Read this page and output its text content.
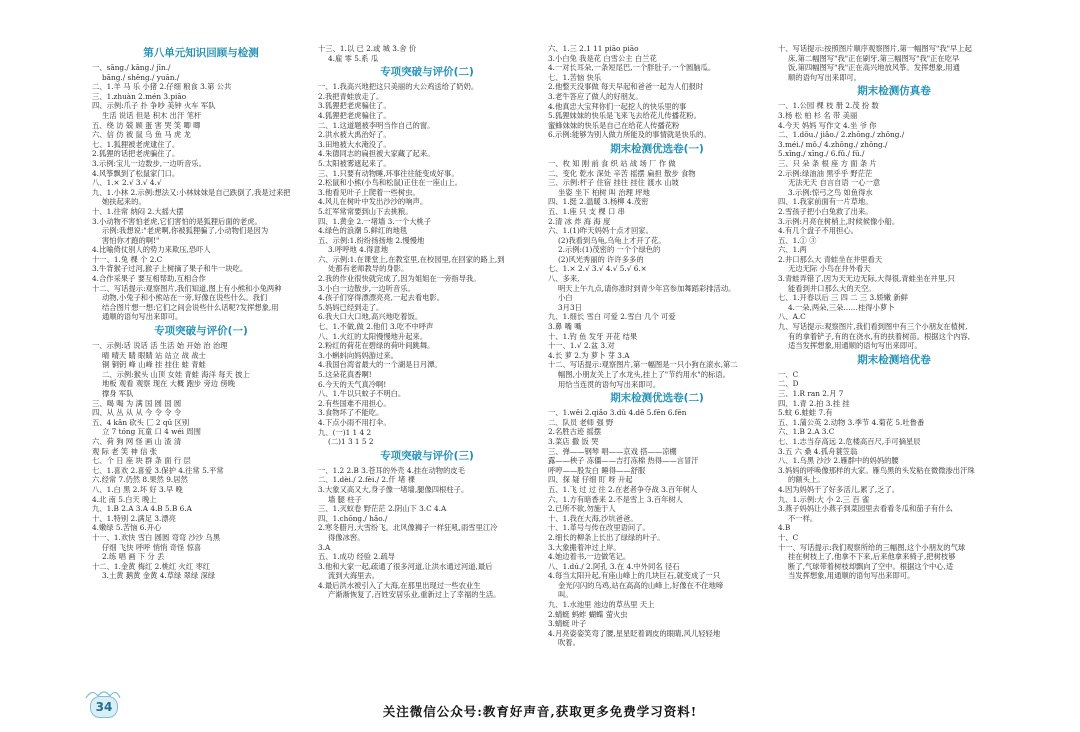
第八单元知识回顾与检测
一、sāng./ kāng./ jīn./
bāng./ shēng./ yuān./
二、1.羊 马 乐 小猪 2.仔细 粮食 3.第 公共
三、1.zhuàn 2.mén 3.piāo
四、示例:爪子 扑 争吵 美钟 火车 军队
生活 说话 但是 积木 出汗 笔杆
五、绕 访 兢 顾 蛋 害 哭 笑 唧 唧
六、信 仿 被 鼠 乌 鱼 马 虎 龙
七、1.狐狸被老虎逮住了。
2.狐狸的话把老虎骗住了。
3.示例:宝儿一边数步,一边听音乐。
4.风筝飘到了松鼠家门口。
八、1.× 2.√ 3.√ 4.√
九、1.小林 2.示例:想法又:小林妹妹是自己跌倒了,我是过来把
她扶起来的。
十、1.往常 纳闷 2.大摇大摆
3.小动物不害怕老虎,它们害怕的是狐狸后面的老虎。
示例:我想说:"老虎啊,你被狐狸骗了,小动物们是因为
害怕你才跑的啊!"
4.比喻倚仗别人的势力来欺压,恐吓人
十一、1.兔 棵 个 2.C
3.牛背猴子过河,猴子上树摘了果子和牛一块吃。
4.合作采果子 要互相帮助,互相合作
十二、写话提示:观察图片,我们知道,图上有小熊和小兔两种
动物,小兔子和小熊站在一旁,好像在说些什么。我们
结合图片想一想:它们之间会说些什么话呢?发挥想象,用
通顺的语句写出来即可。
专项突破与评价(一)
一、示例:话 说话 活 生活 始 开始 治 治理
晴 晴天 睛 眼睛 站 站立 战 战士
铜 铜钥 峰 山峰 挂 挂住 蛙 青蛙
二、示例:猴头 山顶 女娃 青蛙 海洋 每天 披上
地板 观看 观察 现在 大概 跑步 旁边 傍晚
撑身 军队
三、喝 喝 为 满 国 圆 国 圆
四、从 丛 从 从 今 令 令 令
五、4 kǎn 砍头 匚 2 qū 区别
立 7 tóng 瓦童 口 4 wéi 周围
六、荷 狗 网 怪 画 山 渣 清
观 际 老 笑 神 信 张
七、个 日 座 块 群 条 面 行 层
七、1.喜欢 2.喜爱 3.保护 4.往常 5.平常
六.经常 7.仍然 8.果然 9.居然
八、1.白 黑 2.坏 好 3.早 晚
4.北 南 5.白天 晚上
九、1.B 2.A 3.A 4.B 5.B 6.A
十、1.特别 2.满足 3.漂亮
4.嫩绿 5.苦恼 6.开心
十一、1.欢快 雪白 圆圆 弯弯 沙沙 乌黑
仔细 飞快 呼呼 悄悄 奇怪 惊喜
2.练 唱 画 下 分 丢
十二、1.金黄 梅红 2.桃红 火红 枣红
3.土黄 鹅黄 金黄 4.草绿 翠绿 深绿
十三、1.以 已 2.或 城 3.舍 价
4.雇 零 5.系 瓜
专项突破与评价(二)
一、1.我高兴地把这只美丽的大公鸡送给了奶奶。
2.我把青蛙放走了。
3.狐狸把老虎骗住了。
4.狐狸把老虎骗住了。
二、1.这道题被李明当作自己的窗。
2.洪水被大禹治好了。
3.田地被大水淹没了。
4.朱德同志的扁担被大家藏了起来。
5.太阳被雾遮起来了。
三、1.只要有动物睡,环事往往能变成好事。
2.松鼠和小熊(小鸟和松鼠)正住在一座山上。
3.他看见叶子上爬着一些树虫。
4.风儿在树叶中发出沙沙的响声。
5.红军常常要到山下去挑粮。
四、1.黄金 2.一堵墙 3.一个大桃子
4.绿色的浪潮 5.鲜红的地毯
五、示例:1.纷纷扬扬地 2.慢慢地
3.呼呼地 4.得意地
六、示例:1.在课堂上,在教室里,在校园里,在回家的路上,到
处都有老师教导的身影。
2.我的作业很快就完成了,因为姐姐在一旁指导我。
3.小白一边散步,一边听音乐。
4.孩子们穿得漂漂亮亮,一起去看电影。
5.妈妈已经到走了。
6.我大口大口地,高兴地吃着饭。
七、1.不做,做 2.他们 3.吃不中呼声
八、1.火红的太阳慢慢地升起来。
2.粉红的荷花在碧绿的荷叶间跳舞。
3.小蝌蚪向妈妈游过来。
4.我国台湾省最大的一个湖是日月潭。
5.这朵花真香啊!
6.今天的天气真冷啊!
八、1.牛以只蚊子不明白。
2.有些国难不用担心。
3.食物坏了不能吃。
4.下点小雨不用打伞。
九、(一)1 1 4 2
(二)1 3 1 5 2
专项突破与评价(三)
一、1.2 2.B 3.苍耳的外壳 4.挂在动物的皮毛
二、1.dèi./ 2.fèi./ 2.仟 堵 裸
3.大象又高又大,身子像一堵墙,腿像四根柱子。
墙 腿 柱子
三、1.灭蚁卷 野茫茫 2.阴山下 3.C 4.A
四、1.chōng./ hǎo./
2.寒冬腊月,大雪纷飞。北风像狮子一样狂吼,雨雪里江冷
得像冰窖。
3.A
五、1.成功 经验 2.疏导
3.他和大家一起,疏通了很多河道,让洪水通过河道,最后
流到大海里去。
4.最后洪水被引入了大海,在那里出现过一些农业生
产渐渐恢复了,百姓安居乐业,重新过上了幸福的生活。
六、1.三 2.1 11 piāo piāo
3.小白兔 我是花 白雪公主 白兰花
4.一对长耳朵,一条短尾巴,一个胖肚子,一个圆脑瓜。
七、1.苦恼 快乐
2.他整天没事做 每天早起和爸爸一起为人们报时
3.老牛答应了做人的好朋友。
4.他真忠大宝拜你们一起挖人的快乐里的事
5.狐狸妹妹的快乐是飞来飞去给花儿传播花粉。
蜜蜂妹妹的快乐是自己在给花人传播花粉
6.示例:能够为别人做力所能及的事情就是快乐的。
期末检测优选卷(一)
一、枚 知 刚 前 食 织 站 战 场 厂 作 做
二、变化 乾水 深处 辛苦 摇摆 扁担 散步 食物
三、示例:杆子 住宿 挂往 挂住 渡水 山坡
坐姿 坐下 柏树 叫 治理 坪地
四、1.挺 2.温暖 3.杨柳 4.茂密
五、1.座 只 支 棵 口 串
2.清 冰 炸 海 海 度
六、1.(1)昨天妈妈十点才回家。
(2)我看到乌龟,乌龟上才开了花。
2.示例:(1)茂密的 一个个绿色的
(2)风光秀丽的 许许多多的
七、1.× 2.√ 3.√ 4.√ 5.√ 6.×
八、多来,
明天上午九点,请你准时到青少年宫参加舞蹈彩排活动。
小白
3月3日
九、1.细长 雪白 可爱 2.雪白 几个 可爱
3.鼻 嘴 嘴
十、1.钓 鱼 发牙 开花 结果
十一、1.√ 2.盆 3.对
4.长 萝 2.为 萝卜 芽 3.A
十二、写话提示:观察图片,第一幅图是一只小狗在滚水,第二
幅图,小朋友关上了水龙头,挂上了"节约用水"的标语。
用恰当连贯的语句写出来即可。
期末检测优选卷(二)
一、1.wěi 2.qiǎo 3.dǔ 4.dē 5.fēn 6.fēn
二、队员 老师 强 野
2.名胜古迹 摇摆
3.菜店 撒 饭 哭
三、弹——钢琴 唱——京戏 搭——凉棚
露——秧子 冻僵——吉打冻棉 热得——言冒汗
呼哼——股发白 睡得——舒服
四、探 疑 仔细 盯 呀 升起
五、1.飞 过 过 往 2.在老者争夺战 3.百年树人
六、1.方有暗香来 2.不是雪上 3.百年树人
2.已所不欲,勿施于人
十、1.我在大海,沙坑爸爸。
十、1.革号与传在改里语问了。
2.细长的柳条上长出了绿绿的叶子。
3.大象搬着冲过上岸。
4.她边着书,一边做笔记。
八、1.dú./ 2.阿孔 3.在 4.中外同名 径石
4.每当太阳升起,有座山峰上的几块巨石,就变成了一只
金光闪闪的乌鸡,站在高高的山峰上,好像在不住地啼
叫。
九、1.水池里 池边的草丛里 天上
2.蜻蜓 蚂蚱 蝴蝶 萤火虫
3.蜻蜓 叶子
4.月亮姿姿笑弯了腰,星星眨着调皮的眼睛,风儿轻轻地
吹着。
十、写话提示:按照图片顺序观察图片,第一幅图写"我"早上起
床,第二幅图写"我"正在刷牙,第三幅图写"我"正在吃早
饭,第四幅图写"我"正在高兴地放风筝。发挥想象,用通
顺的语句写出来即可。
期末检测仿真卷
一、1.公园 棵 枝 册 2.茂 扮 数
3.杨 松 柏 杉 名 带 美丽
4.今天 妈妈 写作文 4.坐 爷 你
二、1.dǒu./ jiǎo./ 2.zhōng./ zhǒng./
3.méi./ mǒ./ 4.zhōng./ zhǒng./
5.xǐng./ xīng./ 6.fǔ./ fū./
三、只 朵 条 根 座 方 面 条 片
2.示例:绿油油 黑乎乎 野茫茫
无法无天 自言自语 一心一意
3.示例:惊弓之鸟 如鱼得水
四、1.我家前面有一片草地。
2.雪孩子把小白兔救了出来。
3.示例:月亮在树梢上,时候候像小船。
4.有几个盘子不用担心。
五、1.① ③
六、1.两
2.井口那么大 青蛙坐在井里看天
无边无际 小鸟在井外看天
3.青蛙弄错了,因为天无边无际,大得很,青蛙坐在井里,只
能看到井口那么大的天空。
七、1.开春以后 三 四 二 三 3.娇嫩 新鲜
4.一朵,两朵,三朵……桂得小萝卜
八、A.C
九、写话提示:观察图片,我们看到图中有三个小朋友在植树,
有的拿着铲子,有的在浇水,有的扶着树苗。根据这个内容,
适当发挥想象,用通顺的语句写出来即可。
期末检测培优卷
一、C
二、D
三、1.R ran 2.月 7
四、1.青 2.拍 3.挂 挂
5.蚊 6.蛙蛙 7.有
五、1.蒲公英 2.动物 3.季节 4.菊花 5.吐鲁番
六、1.B 2.A 3.C
七、1.志当存高远 2.危楼高百尺,手可摘星辰
3.五 六 桑 4.孤舟蓑笠翁
八、1.乌黑 沙沙 2.雁群中的妈妈的腰
3.妈妈的呼唤像那样的大家。雁鸟黑的头发粘在微微渗出汗珠
的额头上。
4.因为妈妈干了好多活儿,累了,乏了。
九、1.示例:大 小 2.三 百 雀
3.燕子妈妈让小燕子到菜园里去看看冬瓜和茄子有什么
不一样。
4.B
十、C
十一、写话提示:我们观察所给的三幅图,这个小朋友的气球
挂在树枝上了,他拿不下来,后来他拿来椅子,把树枝够
断了,气球带着树枝却飘向了空中。根据这个中心,适
当发挥想象,用通顺的语句写出来即可。
34	关注微信公众号:教育好声音,获取更多免费学习资料!
